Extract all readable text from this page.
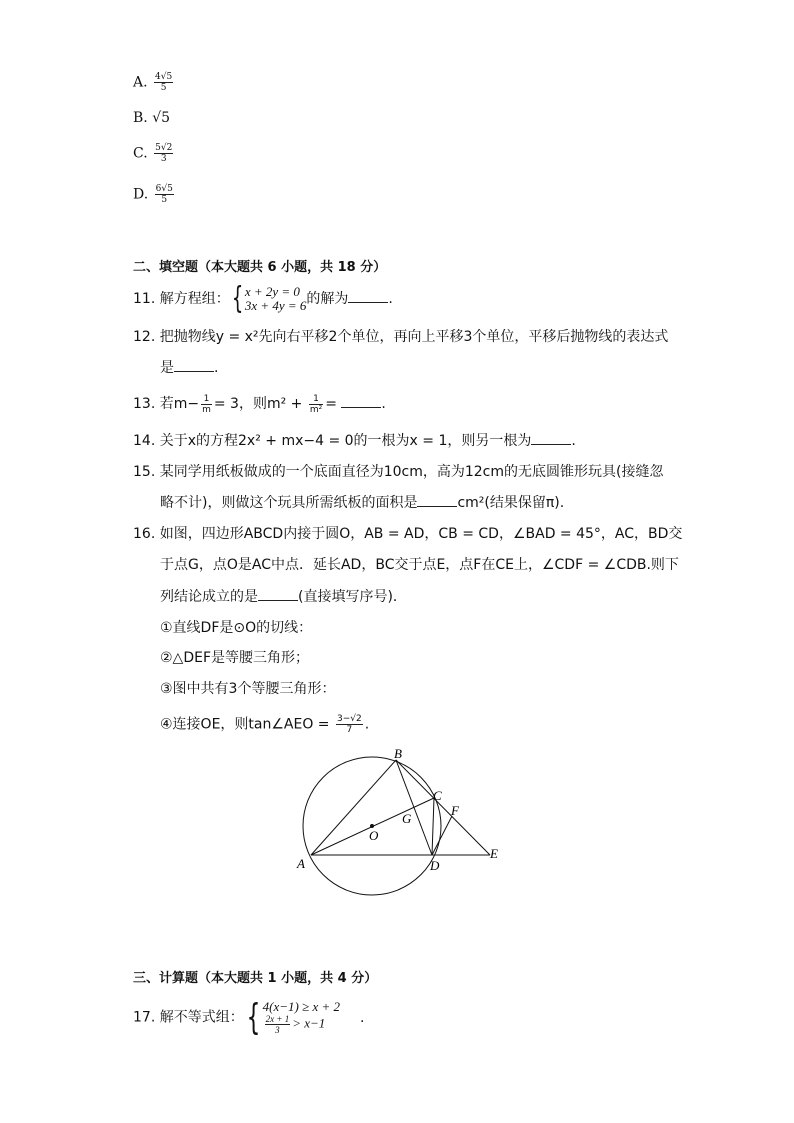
A. $\frac{4√5}{5}$
B. √5
C. $\frac{5√2}{3}$
D. $\frac{6√5}{5}$
二、填空题（本大题共 6 小题，共 18 分）
11. 解方程组：{ x + 2y = 0
3x + 4y = 6 的解为	.
12. 把抛物线y = x²先向右平移2个单位，再向上平移3个单位，平移后抛物线的表达式
是	.
13. 若$m- \frac{1}{m} = 3$，则$m^2 + \frac{1}{\text{m²}}$ =	.
14. 关于x的方程2x² + mx−4 = 0的一根为x = 1，则另一根为	.
15. 某同学用纸板做成的一个底面直径为10cm，高为12cm的无底圆锥形玩具(接缝忽
略不计)，则做这个玩具所需纸板的面积是	cm²(结果保留π).
16. 如图，四边形ABCD内接于圆O，AB = AD，CB = CD，∠BAD = 45°，AC，BD交
于点G，点O是AC中点．延长AD，BC交于点E，点F在CE上，∠CDF = ∠CDB.则下
列结论成立的是	(直接填写序号)．
①直线DF是⊙O的切线：
②△DEF是等腰三角形；
③图中共有3个等腰三角形：
④连接OE，则tan∠AEO = $\frac{3-√2}{7}$ .
A
B
C
D
E
F
G
O
三、计算题（本大题共 1 小题，共 4 分）
17. 解不等式组：{ 4(x−1) ≥ x + 2
$\frac{2x + 1}{3} > x-1$	.
